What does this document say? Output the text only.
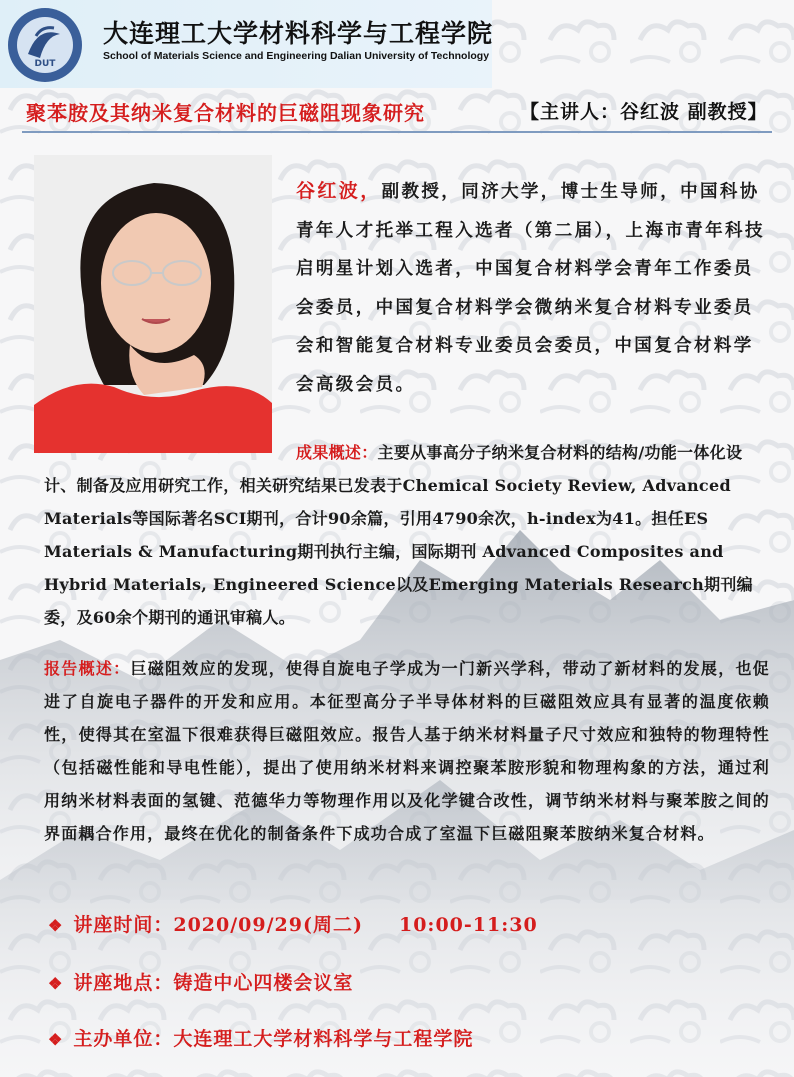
DUT
大连理工大学材料科学与工程学院
School of Materials Science and Engineering Dalian University of Technology
聚苯胺及其纳米复合材料的巨磁阻现象研究	【主讲人：谷红波 副教授】
谷红波，副教授，同济大学，博士生导师，中国科协青年人才托举工程入选者（第二届），上海市青年科技启明星计划入选者，中国复合材料学会青年工作委员会委员，中国复合材料学会微纳米复合材料专业委员会和智能复合材料专业委员会委员，中国复合材料学会高级会员。
成果概述：主要从事高分子纳米复合材料的结构/功能一体化设计、制备及应用研究工作，相关研究结果已发表于Chemical Society Review, Advanced Materials等国际著名SCI期刊，合计90余篇，引用4790余次，h-index为41。担任ES Materials & Manufacturing期刊执行主编，国际期刊 Advanced Composites and Hybrid Materials, Engineered Science以及Emerging Materials Research期刊编委，及60余个期刊的通讯审稿人。
报告概述：巨磁阻效应的发现，使得自旋电子学成为一门新兴学科，带动了新材料的发展，也促进了自旋电子器件的开发和应用。本征型高分子半导体材料的巨磁阻效应具有显著的温度依赖性，使得其在室温下很难获得巨磁阻效应。报告人基于纳米材料量子尺寸效应和独特的物理特性（包括磁性能和导电性能），提出了使用纳米材料来调控聚苯胺形貌和物理构象的方法，通过利用纳米材料表面的氢键、范德华力等物理作用以及化学键合改性，调节纳米材料与聚苯胺之间的界面耦合作用，最终在优化的制备条件下成功合成了室温下巨磁阻聚苯胺纳米复合材料。
❖ 讲座时间：2020/09/29(周二) 10:00-11:30
❖ 讲座地点：铸造中心四楼会议室
❖ 主办单位：大连理工大学材料科学与工程学院
